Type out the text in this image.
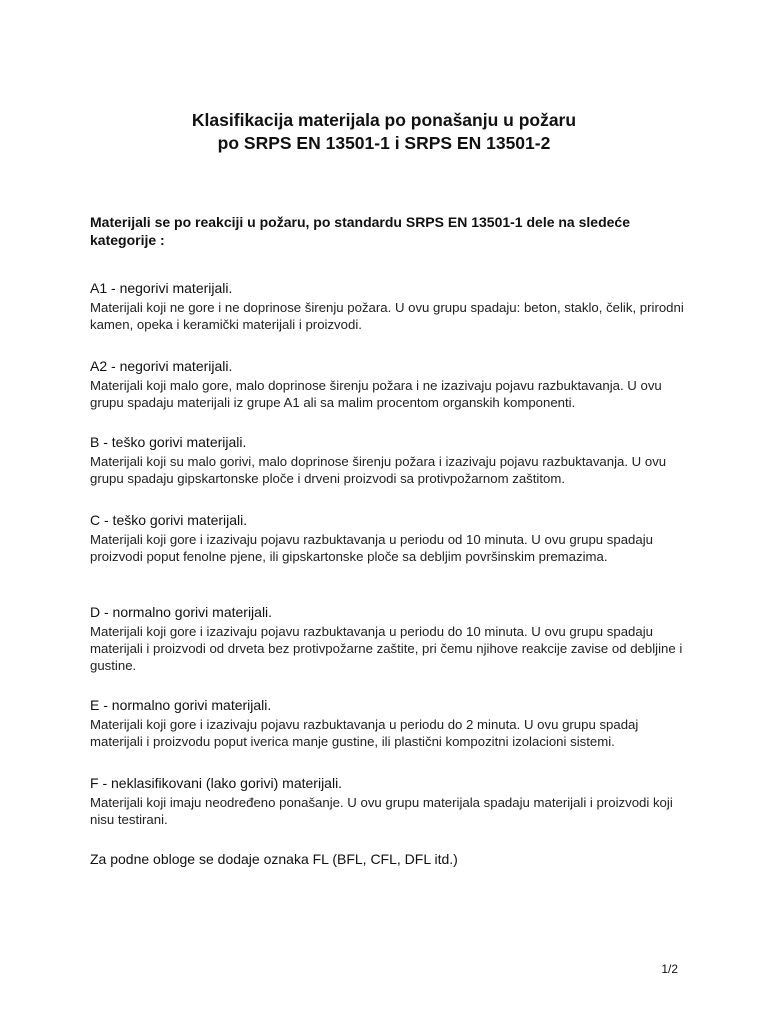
Klasifikacija materijala po ponašanju u požaru
po SRPS EN 13501-1 i SRPS EN 13501-2
Materijali se po reakciji u požaru, po standardu SRPS EN 13501-1 dele na sledeće kategorije :
A1 - negorivi materijali.
Materijali koji ne gore i ne doprinose širenju požara. U ovu grupu spadaju: beton, staklo, čelik, prirodni kamen, opeka i keramički materijali i proizvodi.
A2 - negorivi materijali.
Materijali koji malo gore, malo doprinose širenju požara i ne izazivaju pojavu razbuktavanja. U ovu grupu spadaju materijali iz grupe A1 ali sa malim procentom organskih komponenti.
B - teško gorivi materijali.
Materijali koji su malo gorivi, malo doprinose širenju požara i izazivaju pojavu razbuktavanja. U ovu grupu spadaju gipskartonske ploče i drveni proizvodi sa protivpožarnom zaštitom.
C - teško gorivi materijali.
Materijali koji gore i izazivaju pojavu razbuktavanja u periodu od 10 minuta. U ovu grupu spadaju proizvodi poput fenolne pjene, ili gipskartonske ploče sa debljim površinskim premazima.
D - normalno gorivi materijali.
Materijali koji gore i izazivaju pojavu razbuktavanja u periodu do 10 minuta. U ovu grupu spadaju materijali i proizvodi od drveta bez protivpožarne zaštite, pri čemu njihove reakcije zavise od debljine i gustine.
E - normalno gorivi materijali.
Materijali koji gore i izazivaju pojavu razbuktavanja u periodu do 2 minuta. U ovu grupu spadaj materijali i proizvodu poput iverica manje gustine, ili plastični kompozitni izolacioni sistemi.
F - neklasifikovani (lako gorivi) materijali.
Materijali koji imaju neodređeno ponašanje. U ovu grupu materijala spadaju materijali i proizvodi koji nisu testirani.
Za podne obloge se dodaje oznaka FL (BFL, CFL, DFL itd.)
1/2
